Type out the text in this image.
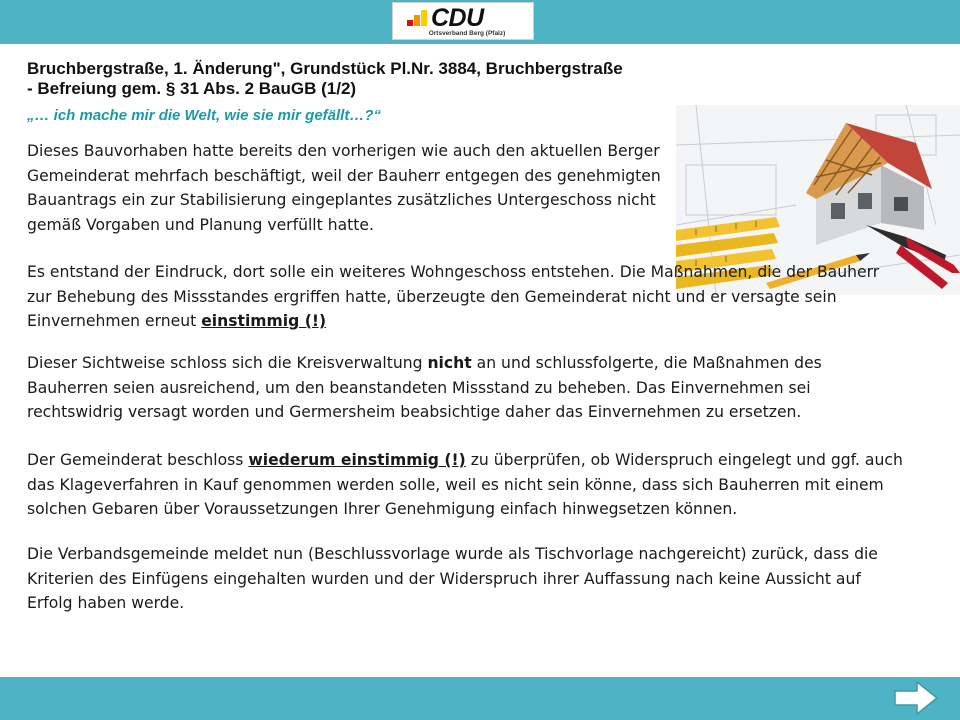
CDU
Ortsverband Berg (Pfalz)
Bruchbergstraße, 1. Änderung", Grundstück Pl.Nr. 3884, Bruchbergstraße
- Befreiung gem. § 31 Abs. 2 BauGB (1/2)
„… ich mache mir die Welt, wie sie mir gefällt…?“
Dieses Bauvorhaben hatte bereits den vorherigen wie auch den aktuellen Berger Gemeinderat mehrfach beschäftigt, weil der Bauherr entgegen des genehmigten Bauantrags ein zur Stabilisierung eingeplantes zusätzliches Untergeschoss nicht gemäß Vorgaben und Planung verfüllt hatte.
Es entstand der Eindruck, dort solle ein weiteres Wohngeschoss entstehen. Die Maßnahmen, die der Bauherr zur Behebung des Missstandes ergriffen hatte, überzeugte den Gemeinderat nicht und er versagte sein Einvernehmen erneut einstimmig (!)
Dieser Sichtweise schloss sich die Kreisverwaltung nicht an und schlussfolgerte, die Maßnahmen des Bauherren seien ausreichend, um den beanstandeten Missstand zu beheben. Das Einvernehmen sei rechtswidrig versagt worden und Germersheim beabsichtige daher das Einvernehmen zu ersetzen.
Der Gemeinderat beschloss wiederum einstimmig (!) zu überprüfen, ob Widerspruch eingelegt und ggf. auch das Klageverfahren in Kauf genommen werden solle, weil es nicht sein könne, dass sich Bauherren mit einem solchen Gebaren über Voraussetzungen Ihrer Genehmigung einfach hinwegsetzen können.
Die Verbandsgemeinde meldet nun (Beschlussvorlage wurde als Tischvorlage nachgereicht) zurück, dass die Kriterien des Einfügens eingehalten wurden und der Widerspruch ihrer Auffassung nach keine Aussicht auf Erfolg haben werde.
